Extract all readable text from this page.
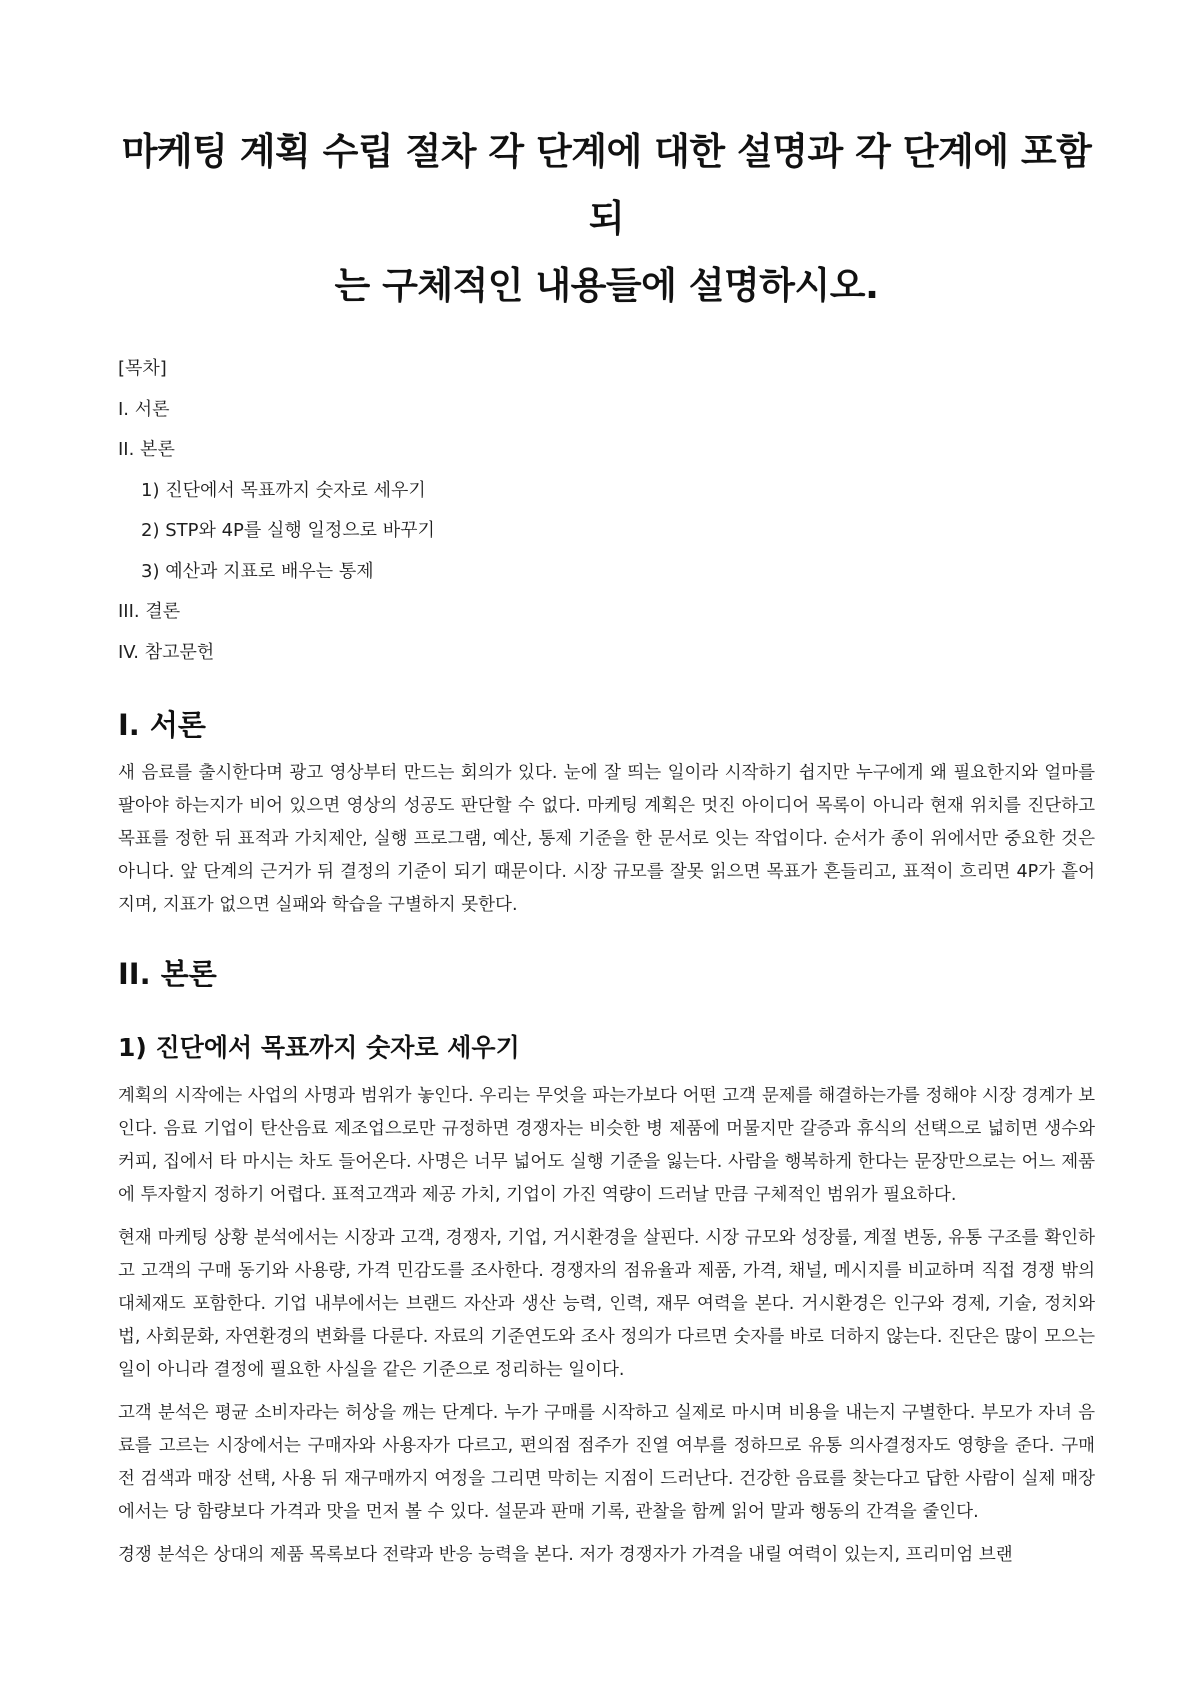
마케팅 계획 수립 절차 각 단계에 대한 설명과 각 단계에 포함되
는 구체적인 내용들에 설명하시오.
[목차]
I. 서론
II. 본론
1) 진단에서 목표까지 숫자로 세우기
2) STP와 4P를 실행 일정으로 바꾸기
3) 예산과 지표로 배우는 통제
III. 결론
IV. 참고문헌
I. 서론

새 음료를 출시한다며 광고 영상부터 만드는 회의가 있다. 눈에 잘 띄는 일이라 시작하기 쉽지만 누구에게 왜 필요한지와 얼마를 팔아야 하는지가 비어 있으면 영상의 성공도 판단할 수 없다. 마케팅 계획은 멋진 아이디어 목록이 아니라 현재 위치를 진단하고 목표를 정한 뒤 표적과 가치제안, 실행 프로그램, 예산, 통제 기준을 한 문서로 잇는 작업이다. 순서가 종이 위에서만 중요한 것은 아니다. 앞 단계의 근거가 뒤 결정의 기준이 되기 때문이다. 시장 규모를 잘못 읽으면 목표가 흔들리고, 표적이 흐리면 4P가 흩어지며, 지표가 없으면 실패와 학습을 구별하지 못한다.

II. 본론
1) 진단에서 목표까지 숫자로 세우기

계획의 시작에는 사업의 사명과 범위가 놓인다. 우리는 무엇을 파는가보다 어떤 고객 문제를 해결하는가를 정해야 시장 경계가 보인다. 음료 기업이 탄산음료 제조업으로만 규정하면 경쟁자는 비슷한 병 제품에 머물지만 갈증과 휴식의 선택으로 넓히면 생수와 커피, 집에서 타 마시는 차도 들어온다. 사명은 너무 넓어도 실행 기준을 잃는다. 사람을 행복하게 한다는 문장만으로는 어느 제품에 투자할지 정하기 어렵다. 표적고객과 제공 가치, 기업이 가진 역량이 드러날 만큼 구체적인 범위가 필요하다.

현재 마케팅 상황 분석에서는 시장과 고객, 경쟁자, 기업, 거시환경을 살핀다. 시장 규모와 성장률, 계절 변동, 유통 구조를 확인하고 고객의 구매 동기와 사용량, 가격 민감도를 조사한다. 경쟁자의 점유율과 제품, 가격, 채널, 메시지를 비교하며 직접 경쟁 밖의 대체재도 포함한다. 기업 내부에서는 브랜드 자산과 생산 능력, 인력, 재무 여력을 본다. 거시환경은 인구와 경제, 기술, 정치와 법, 사회문화, 자연환경의 변화를 다룬다. 자료의 기준연도와 조사 정의가 다르면 숫자를 바로 더하지 않는다. 진단은 많이 모으는 일이 아니라 결정에 필요한 사실을 같은 기준으로 정리하는 일이다.

고객 분석은 평균 소비자라는 허상을 깨는 단계다. 누가 구매를 시작하고 실제로 마시며 비용을 내는지 구별한다. 부모가 자녀 음료를 고르는 시장에서는 구매자와 사용자가 다르고, 편의점 점주가 진열 여부를 정하므로 유통 의사결정자도 영향을 준다. 구매 전 검색과 매장 선택, 사용 뒤 재구매까지 여정을 그리면 막히는 지점이 드러난다. 건강한 음료를 찾는다고 답한 사람이 실제 매장에서는 당 함량보다 가격과 맛을 먼저 볼 수 있다. 설문과 판매 기록, 관찰을 함께 읽어 말과 행동의 간격을 줄인다.

경쟁 분석은 상대의 제품 목록보다 전략과 반응 능력을 본다. 저가 경쟁자가 가격을 내릴 여력이 있는지, 프리미엄 브랜
